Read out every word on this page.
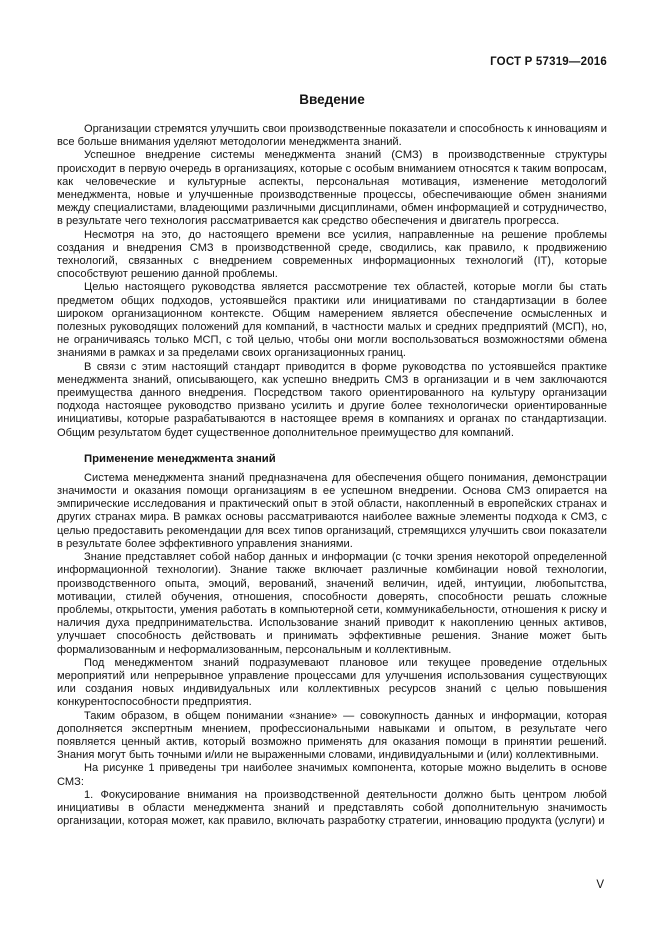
ГОСТ Р 57319—2016
Введение

Организации стремятся улучшить свои производственные показатели и способность к инновациям и все больше внимания уделяют методологии менеджмента знаний.

Успешное внедрение системы менеджмента знаний (СМЗ) в производственные структуры происходит в первую очередь в организациях, которые с особым вниманием относятся к таким вопросам, как человеческие и культурные аспекты, персональная мотивация, изменение методологий менеджмента, новые и улучшенные производственные процессы, обеспечивающие обмен знаниями между специалистами, владеющими различными дисциплинами, обмен информацией и сотрудничество, в результате чего технология рассматривается как средство обеспечения и двигатель прогресса.

Несмотря на это, до настоящего времени все усилия, направленные на решение проблемы создания и внедрения СМЗ в производственной среде, сводились, как правило, к продвижению технологий, связанных с внедрением современных информационных технологий (IT), которые способствуют решению данной проблемы.

Целью настоящего руководства является рассмотрение тех областей, которые могли бы стать предметом общих подходов, устоявшейся практики или инициативами по стандартизации в более широком организационном контексте. Общим намерением является обеспечение осмысленных и полезных руководящих положений для компаний, в частности малых и средних предприятий (МСП), но, не ограничиваясь только МСП, с той целью, чтобы они могли воспользоваться возможностями обмена знаниями в рамках и за пределами своих организационных границ.

В связи с этим настоящий стандарт приводится в форме руководства по устоявшейся практике менеджмента знаний, описывающего, как успешно внедрить СМЗ в организации и в чем заключаются преимущества данного внедрения. Посредством такого ориентированного на культуру организации подхода настоящее руководство призвано усилить и другие более технологически ориентированные инициативы, которые разрабатываются в настоящее время в компаниях и органах по стандартизации. Общим результатом будет существенное дополнительное преимущество для компаний.

Применение менеджмента знаний

Система менеджмента знаний предназначена для обеспечения общего понимания, демонстрации значимости и оказания помощи организациям в ее успешном внедрении. Основа СМЗ опирается на эмпирические исследования и практический опыт в этой области, накопленный в европейских странах и других странах мира. В рамках основы рассматриваются наиболее важные элементы подхода к СМЗ, с целью предоставить рекомендации для всех типов организаций, стремящихся улучшить свои показатели в результате более эффективного управления знаниями.

Знание представляет собой набор данных и информации (с точки зрения некоторой определенной информационной технологии). Знание также включает различные комбинации новой технологии, производственного опыта, эмоций, верований, значений величин, идей, интуиции, любопытства, мотивации, стилей обучения, отношения, способности доверять, способности решать сложные проблемы, открытости, умения работать в компьютерной сети, коммуникабельности, отношения к риску и наличия духа предпринимательства. Использование знаний приводит к накоплению ценных активов, улучшает способность действовать и принимать эффективные решения. Знание может быть формализованным и неформализованным, персональным и коллективным.

Под менеджментом знаний подразумевают плановое или текущее проведение отдельных мероприятий или непрерывное управление процессами для улучшения использования существующих или создания новых индивидуальных или коллективных ресурсов знаний с целью повышения конкурентоспособности предприятия.

Таким образом, в общем понимании «знание» — совокупность данных и информации, которая дополняется экспертным мнением, профессиональными навыками и опытом, в результате чего появляется ценный актив, который возможно применять для оказания помощи в принятии решений. Знания могут быть точными и/или не выраженными словами, индивидуальными и (или) коллективными.

На рисунке 1 приведены три наиболее значимых компонента, которые можно выделить в основе СМЗ:

1. Фокусирование внимания на производственной деятельности должно быть центром любой инициативы в области менеджмента знаний и представлять собой дополнительную значимость организации, которая может, как правило, включать разработку стратегии, инновацию продукта (услуги) и

V
